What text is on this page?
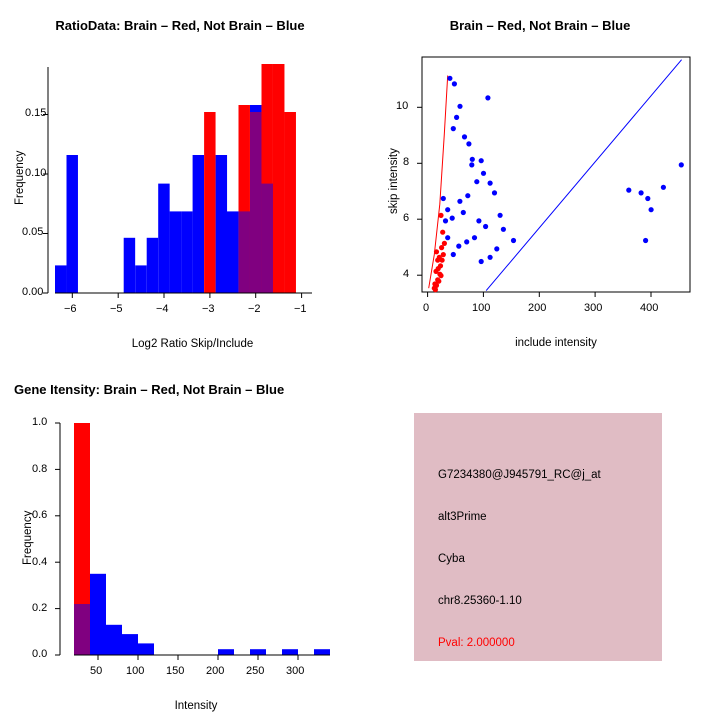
RatioData: Brain – Red, Not Brain – Blue
0.00
0.05
0.10
0.15
−6	−5	−4	−3	−2	−1
Log2 Ratio Skip/Include
Frequency
Brain – Red, Not Brain – Blue
0	100	200	300	400
4
6
8
10
include intensity
skip intensity
Gene Itensity: Brain – Red, Not Brain – Blue
0.0
0.2
0.4
0.6
0.8
1.0
50 100 150 200 250 300
Intensity
Frequency
G7234380@J945791_RC@j_at
alt3Prime
Cyba
chr8.25360-1.10
Pval: 2.000000
